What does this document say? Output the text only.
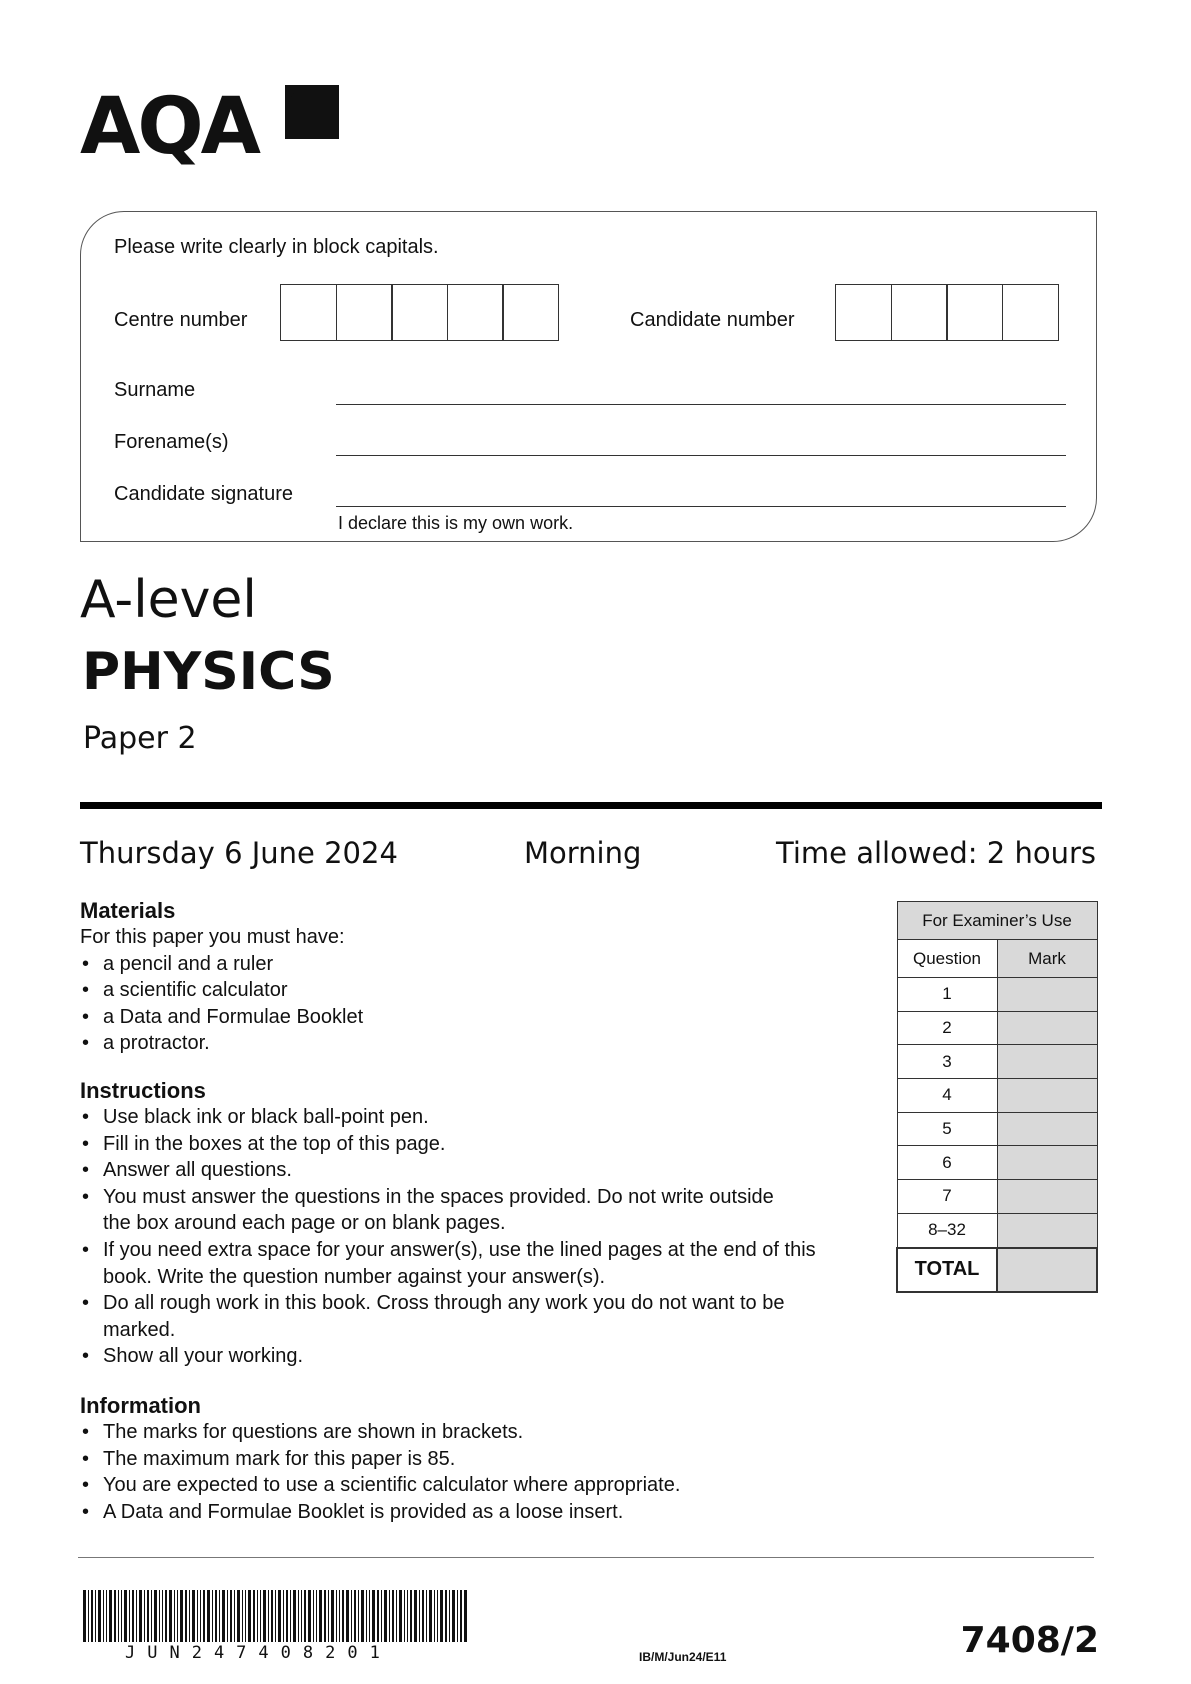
AQA
Please write clearly in block capitals.
Centre number	Candidate number
Surname
Forename(s)
Candidate signature
I declare this is my own work.
A-level
PHYSICS
Paper 2
Thursday 6 June 2024	Morning	Time allowed: 2 hours
Materials
For this paper you must have:
• a pencil and a ruler
• a scientific calculator
• a Data and Formulae Booklet
• a protractor.
Instructions
• Use black ink or black ball-point pen.
• Fill in the boxes at the top of this page.
• Answer all questions.
• You must answer the questions in the spaces provided. Do not write outside the box around each page or on blank pages.
• If you need extra space for your answer(s), use the lined pages at the end of this book. Write the question number against your answer(s).
• Do all rough work in this book. Cross through any work you do not want to be marked.
• Show all your working.
Information
• The marks for questions are shown in brackets.
• The maximum mark for this paper is 85.
• You are expected to use a scientific calculator where appropriate.
• A Data and Formulae Booklet is provided as a loose insert.
For Examiner’s Use	
Question	Mark
1	
2	
3	
4	
5	
6	
7	
8–32	
TOTAL	
JUN247408201	IB/M/Jun24/E11	7408/2
